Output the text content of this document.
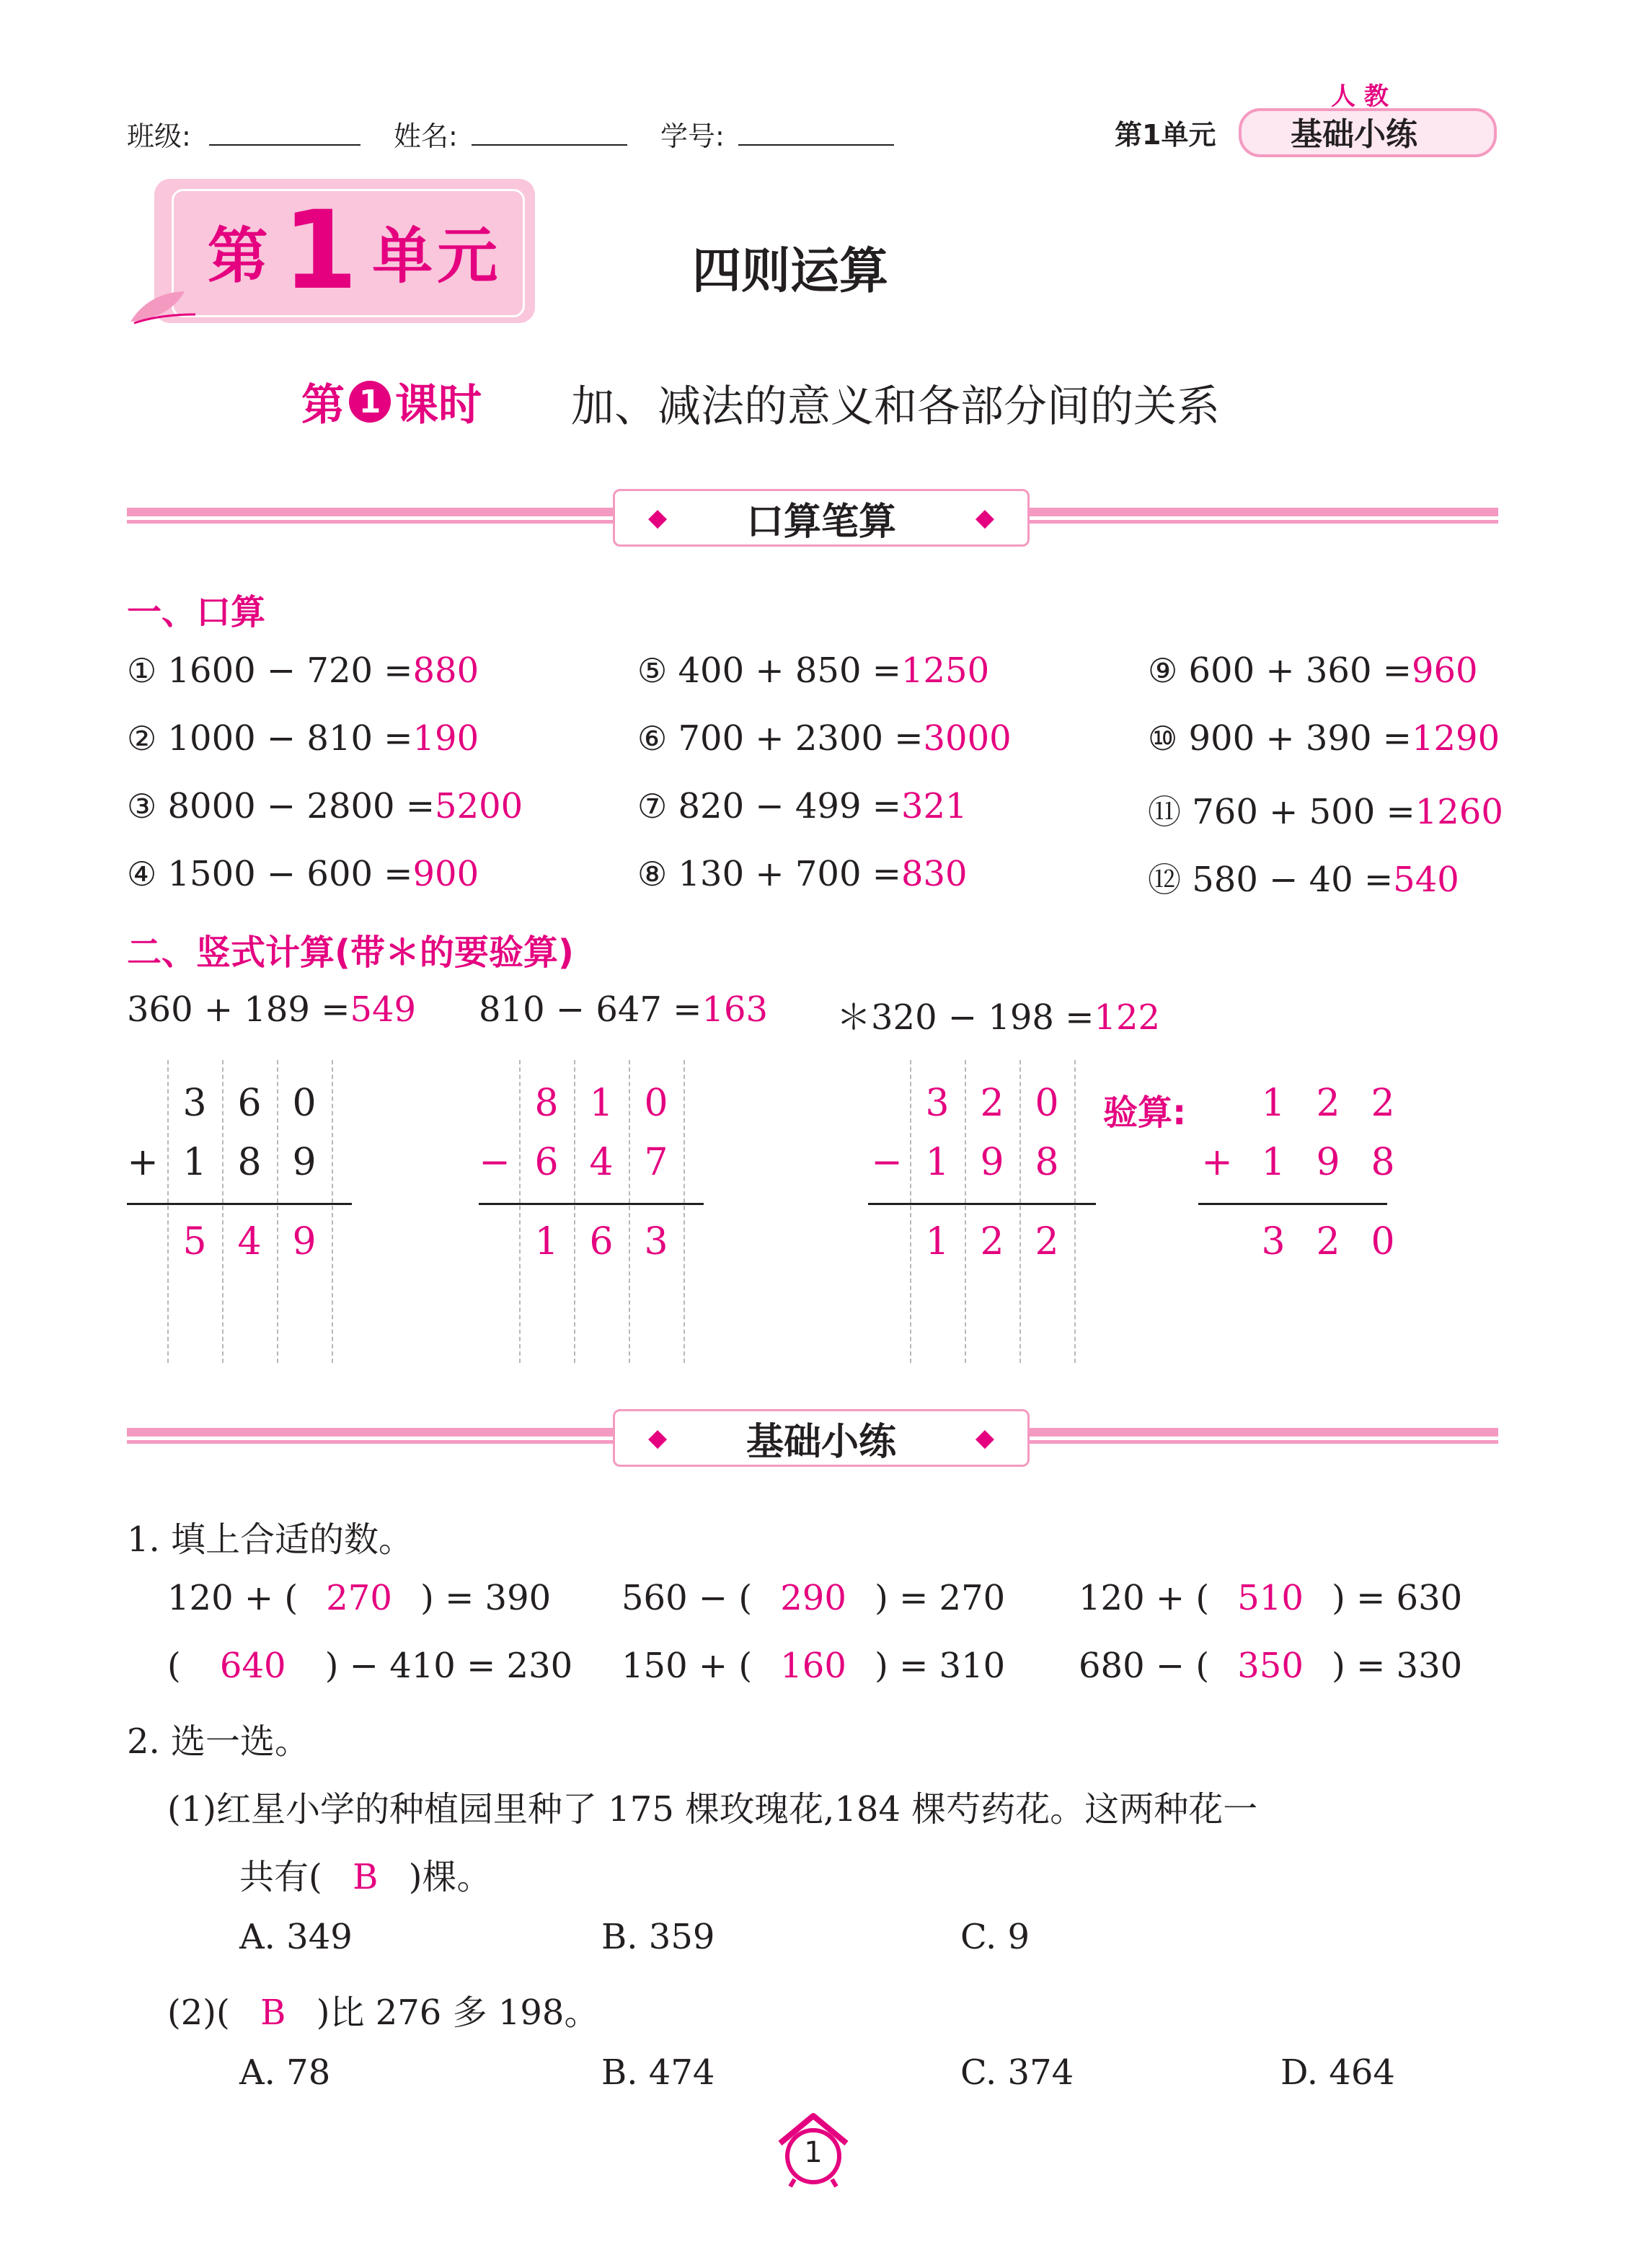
班级:	姓名:	学号:	第1单元
人 教
基础小练
第 1 单元	四则运算
第 1 课时 加、减法的意义和各部分间的关系
◆ 口算笔算	◆
一、口算
① 1600 − 720 =880
② 1000 − 810 =190
③ 8000 − 2800 =5200
④ 1500 − 600 =900
⑤ 400 + 850 =1250
⑥ 700 + 2300 =3000
⑦ 820 − 499 =321
⑧ 130 + 700 =830
⑨ 600 + 360 =960
⑩ 900 + 390 =1290
⑪ 760 + 500 =1260
⑫ 580 − 40 =540
二、竖式计算(带＊的要验算)
360 + 189 =549 810 − 647 =163 ＊320 − 198 =122
3 6 0
+ 1 8 9
5 4 9
8 1 0
− 6 4 7
1 6 3
3 2 0
− 1 9 8
1 2 2
验算:	1 2 2
+ 1 9 8
3 2 0
◆ 基础小练	◆
1. 填上合适的数。
120 + ( 270 ) = 390 560 − ( 290 ) = 270 120 + ( 510 ) = 630
( 640 ) − 410 = 230 150 + ( 160 ) = 310 680 − ( 350 ) = 330
2. 选一选。
(1)红星小学的种植园里种了 175 棵玫瑰花,184 棵芍药花。这两种花一
共有( B )棵。
A. 349	B. 359	C. 9
(2)( B )比 276 多 198。
A. 78	B. 474	C. 374	D. 464
1
